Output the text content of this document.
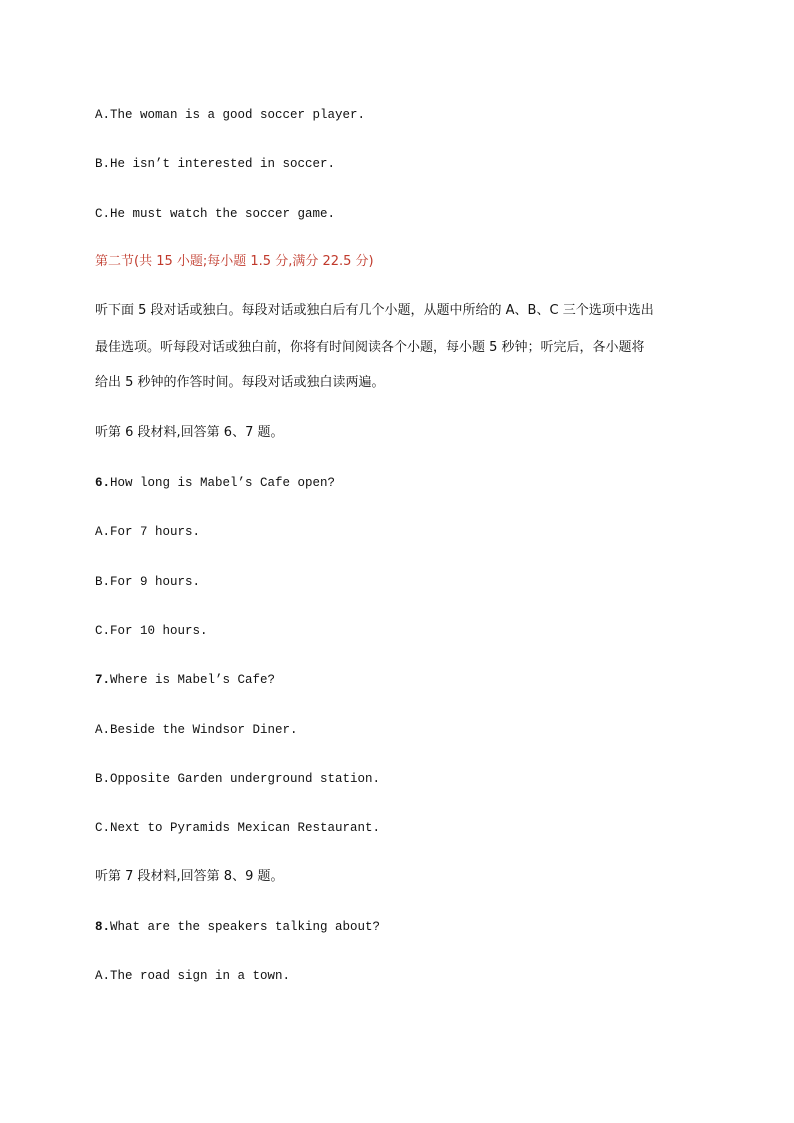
A.The woman is a good soccer player.
B.He isn’t interested in soccer.
C.He must watch the soccer game.
第二节(共 15 小题;每小题 1.5 分,满分 22.5 分)
听下面 5 段对话或独白。每段对话或独白后有几个小题，从题中所给的 A、B、C 三个选项中选出
最佳选项。听每段对话或独白前，你将有时间阅读各个小题，每小题 5 秒钟；听完后，各小题将
给出 5 秒钟的作答时间。每段对话或独白读两遍。
听第 6 段材料,回答第 6、7 题。
6.How long is Mabel’s Cafe open?
A.For 7 hours.
B.For 9 hours.
C.For 10 hours.
7.Where is Mabel’s Cafe?
A.Beside the Windsor Diner.
B.Opposite Garden underground station.
C.Next to Pyramids Mexican Restaurant.
听第 7 段材料,回答第 8、9 题。
8.What are the speakers talking about?
A.The road sign in a town.
